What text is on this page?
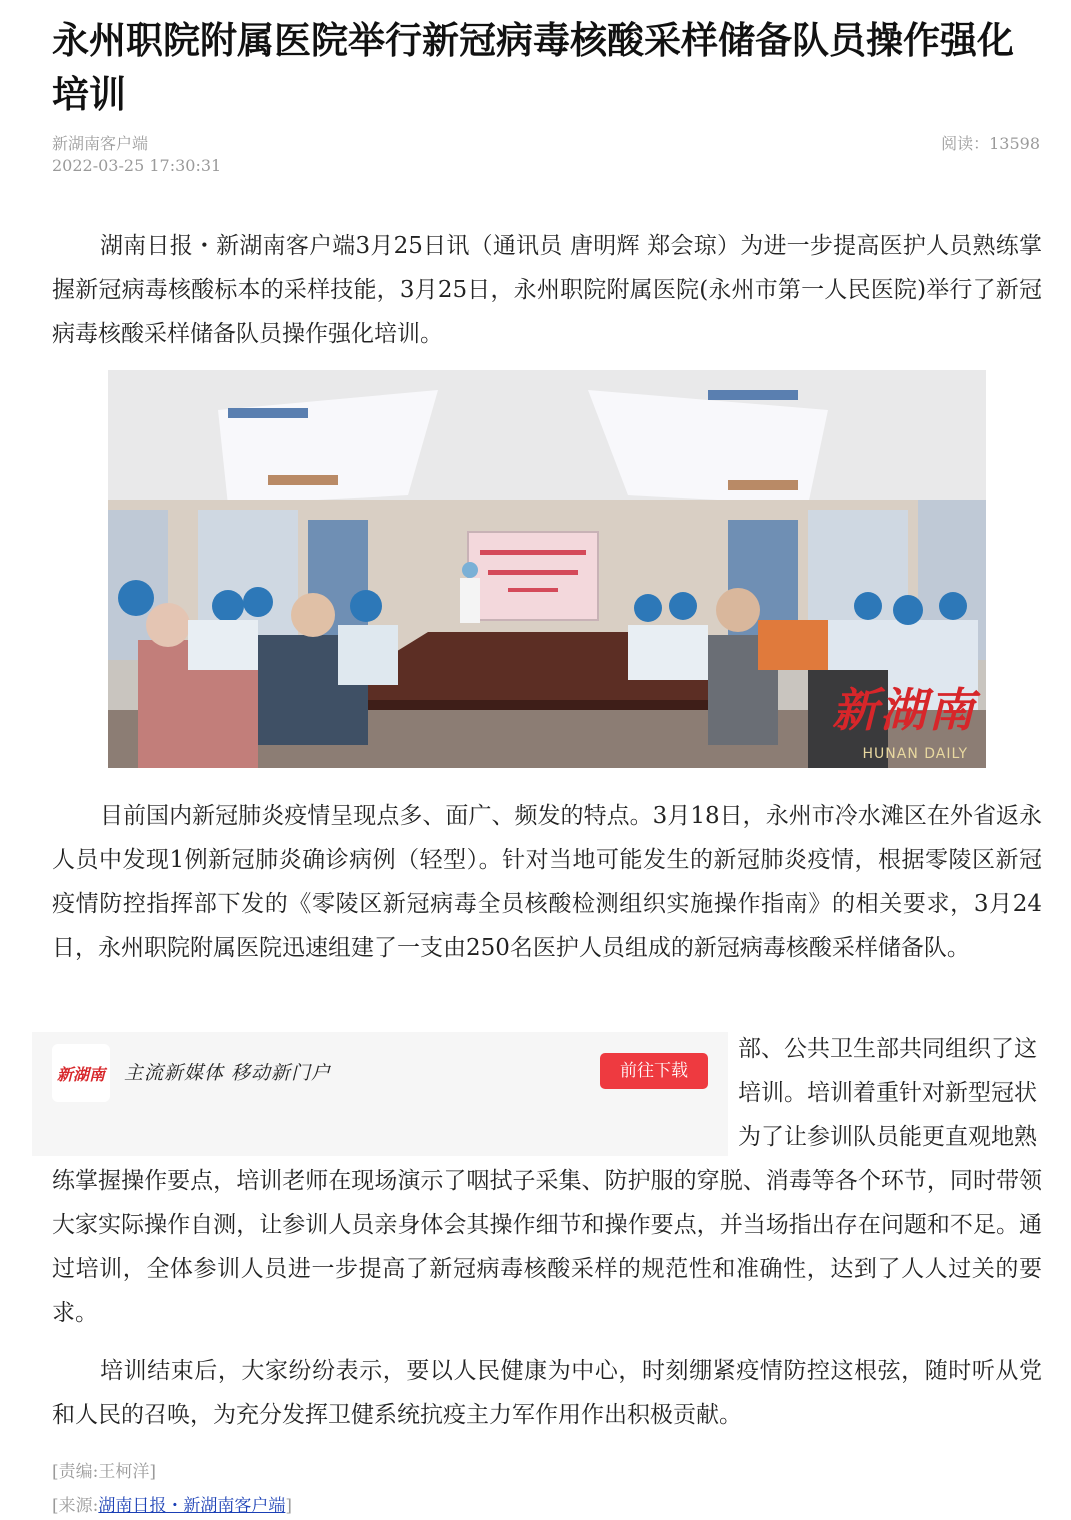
永州职院附属医院举行新冠病毒核酸采样储备队员操作强化培训
新湖南客户端
2022-03-25 17:30:31
阅读：13598

湖南日报・新湖南客户端3月25日讯（通讯员 唐明辉 郑会琼）为进一步提高医护人员熟练掌握新冠病毒核酸标本的采样技能，3月25日，永州职院附属医院(永州市第一人民医院)举行了新冠病毒核酸采样储备队员操作强化培训。

新湖南
HUNAN DAILY

目前国内新冠肺炎疫情呈现点多、面广、频发的特点。3月18日，永州市冷水滩区在外省返永人员中发现1例新冠肺炎确诊病例（轻型）。针对当地可能发生的新冠肺炎疫情，根据零陵区新冠疫情防控指挥部下发的《零陵区新冠病毒全员核酸检测组织实施操作指南》的相关要求，3月24日，永州职院附属医院迅速组建了一支由250名医护人员组成的新冠病毒核酸采样储备队。

新湖南 主流新媒体 移动新门户	前往下载
部、公共卫生部共同组织了这
培训。培训着重针对新型冠状
为了让参训队员能更直观地熟

练掌握操作要点，培训老师在现场演示了咽拭子采集、防护服的穿脱、消毒等各个环节，同时带领大家实际操作自测，让参训人员亲身体会其操作细节和操作要点，并当场指出存在问题和不足。通过培训，全体参训人员进一步提高了新冠病毒核酸采样的规范性和准确性，达到了人人过关的要求。

培训结束后，大家纷纷表示，要以人民健康为中心，时刻绷紧疫情防控这根弦，随时听从党和人民的召唤，为充分发挥卫健系统抗疫主力军作用作出积极贡献。

[责编:王柯洋]
[来源:湖南日报・新湖南客户端]
